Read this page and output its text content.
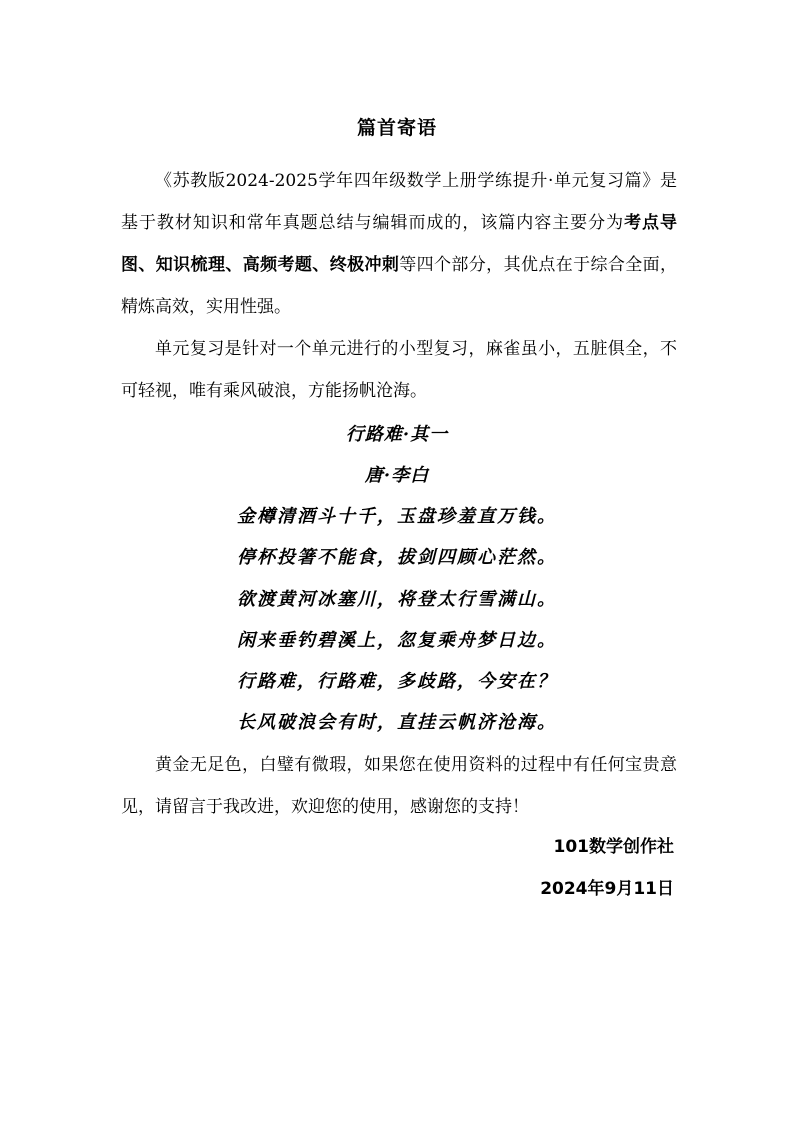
篇首寄语

《苏教版2024-2025学年四年级数学上册学练提升·单元复习篇》是基于教材知识和常年真题总结与编辑而成的，该篇内容主要分为考点导图、知识梳理、高频考题、终极冲刺等四个部分，其优点在于综合全面，精炼高效，实用性强。

单元复习是针对一个单元进行的小型复习，麻雀虽小，五脏俱全，不可轻视，唯有乘风破浪，方能扬帆沧海。

行路难·其一
唐·李白
金樽清酒斗十千，玉盘珍羞直万钱。
停杯投箸不能食，拔剑四顾心茫然。
欲渡黄河冰塞川，将登太行雪满山。
闲来垂钓碧溪上，忽复乘舟梦日边。
行路难，行路难，多歧路，今安在？
长风破浪会有时，直挂云帆济沧海。

黄金无足色，白璧有微瑕，如果您在使用资料的过程中有任何宝贵意见，请留言于我改进，欢迎您的使用，感谢您的支持！

101数学创作社
2024年9月11日
